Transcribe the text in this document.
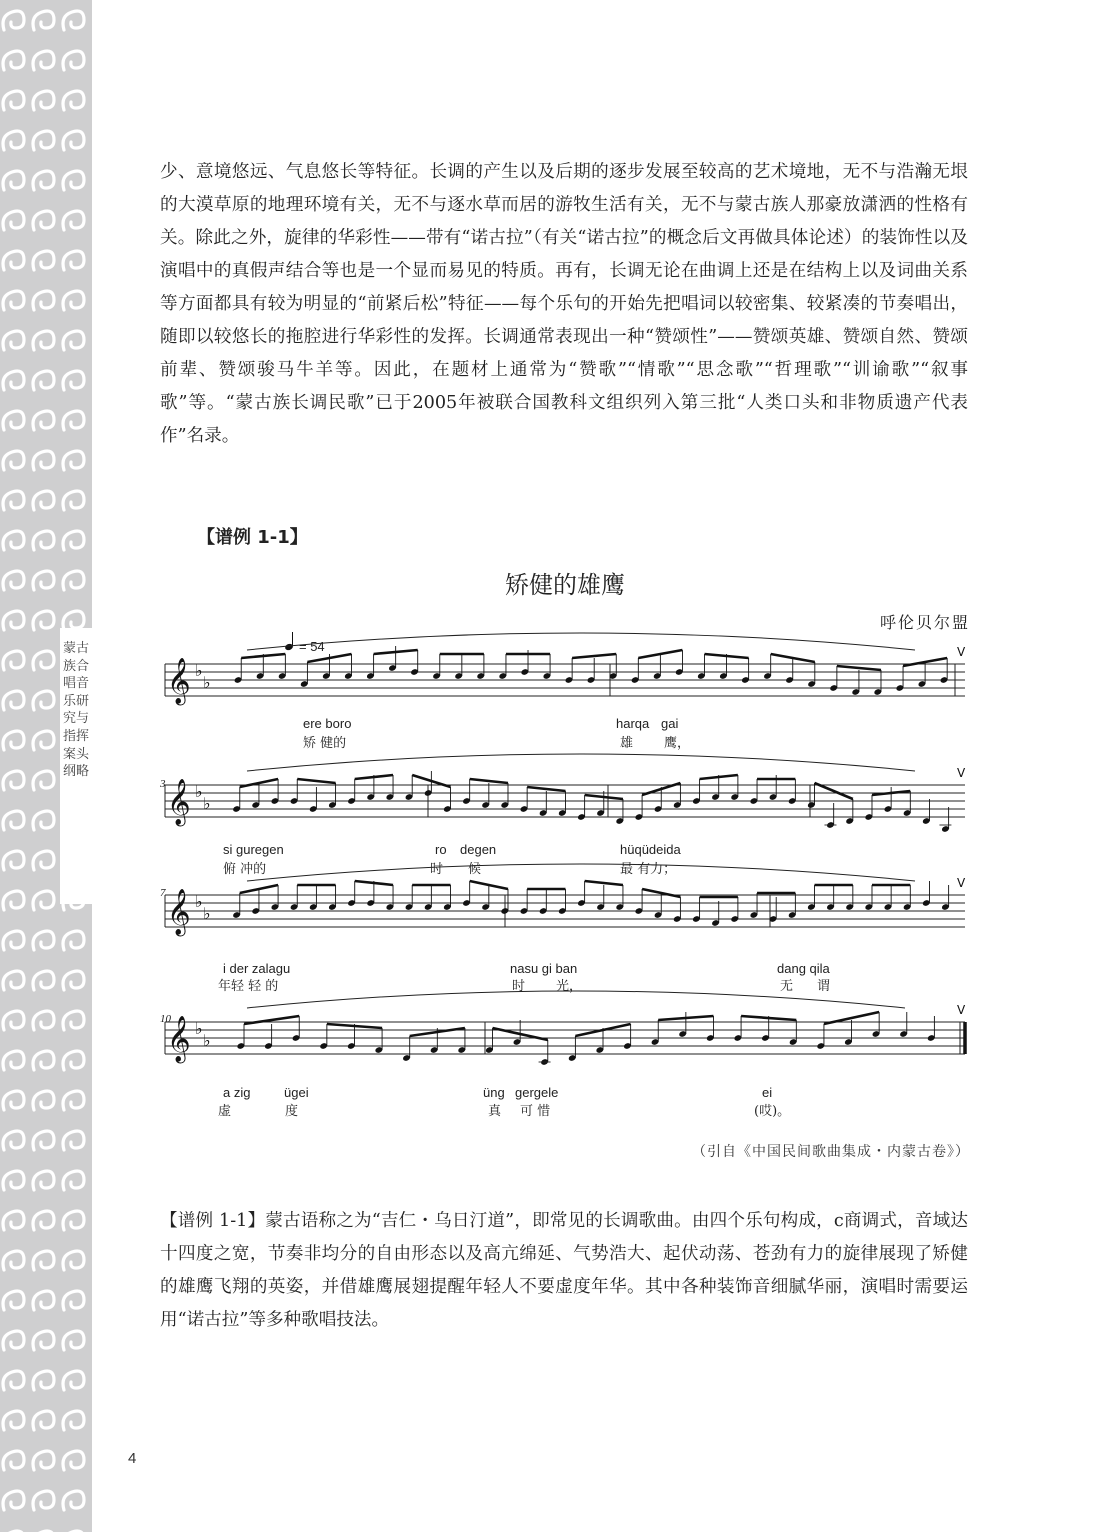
蒙古族合唱音乐研究与指挥案头纲略

少、意境悠远、气息悠长等特征。长调的产生以及后期的逐步发展至较高的艺术境地，无不与浩瀚无垠的大漠草原的地理环境有关，无不与逐水草而居的游牧生活有关，无不与蒙古族人那豪放潇洒的性格有关。除此之外，旋律的华彩性——带有“诺古拉”（有关“诺古拉”的概念后文再做具体论述）的装饰性以及演唱中的真假声结合等也是一个显而易见的特质。再有，长调无论在曲调上还是在结构上以及词曲关系等方面都具有较为明显的“前紧后松”特征——每个乐句的开始先把唱词以较密集、较紧凑的节奏唱出，随即以较悠长的拖腔进行华彩性的发挥。长调通常表现出一种“赞颂性”——赞颂英雄、赞颂自然、赞颂前辈、赞颂骏马牛羊等。因此，在题材上通常为“赞歌”“情歌”“思念歌”“哲理歌”“训谕歌”“叙事歌”等。“蒙古族长调民歌”已于2005年被联合国教科文组织列入第三批“人类口头和非物质遗产代表作”名录。

【谱例 1-1】
矫健的雄鹰
呼伦贝尔盟
= 54
𝄞 ♭
♭
V
𝄞 ♭
♭
V
𝄞 ♭
♭
V
𝄞 ♭
♭
V
3
7
10
ere boro	harqa gai
矫 健的	雄 鹰，
si guregen	ro degen	hüqüdeida
俯 冲的	时 候	最 有力；
i der zalagu	nasu gi ban	dang qila
年轻 轻 的	时 光，	无 谓
a zig	ügei	üng gergele	ei
虚	度	真 可 惜	(哎)。
（引自《中国民间歌曲集成・内蒙古卷》）

【谱例 1-1】蒙古语称之为“吉仁・乌日汀道”，即常见的长调歌曲。由四个乐句构成，c商调式，音域达十四度之宽，节奏非均分的自由形态以及高亢绵延、气势浩大、起伏动荡、苍劲有力的旋律展现了矫健的雄鹰飞翔的英姿，并借雄鹰展翅提醒年轻人不要虚度年华。其中各种装饰音细腻华丽，演唱时需要运用“诺古拉”等多种歌唱技法。

4
